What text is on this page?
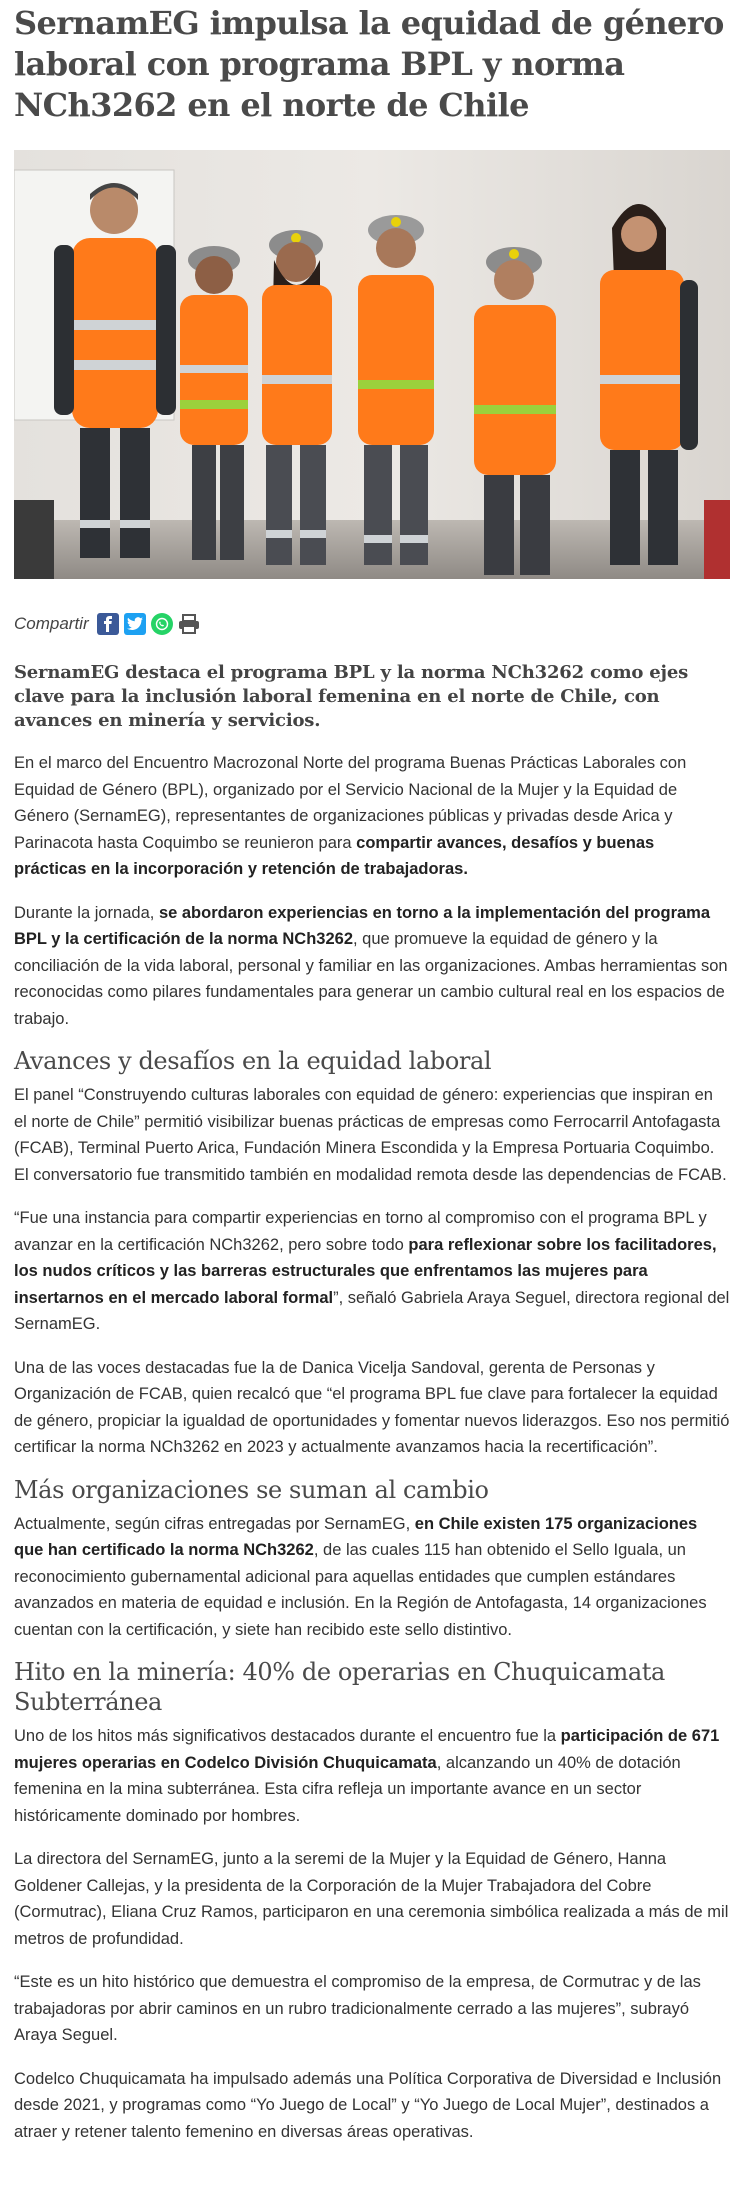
SernamEG impulsa la equidad de género laboral con programa BPL y norma NCh3262 en el norte de Chile
Compartir

SernamEG destaca el programa BPL y la norma NCh3262 como ejes clave para la inclusión laboral femenina en el norte de Chile, con avances en minería y servicios.

En el marco del Encuentro Macrozonal Norte del programa Buenas Prácticas Laborales con Equidad de Género (BPL), organizado por el Servicio Nacional de la Mujer y la Equidad de Género (SernamEG), representantes de organizaciones públicas y privadas desde Arica y Parinacota hasta Coquimbo se reunieron para compartir avances, desafíos y buenas prácticas en la incorporación y retención de trabajadoras.

Durante la jornada, se abordaron experiencias en torno a la implementación del programa BPL y la certificación de la norma NCh3262, que promueve la equidad de género y la conciliación de la vida laboral, personal y familiar en las organizaciones. Ambas herramientas son reconocidas como pilares fundamentales para generar un cambio cultural real en los espacios de trabajo.

Avances y desafíos en la equidad laboral

El panel “Construyendo culturas laborales con equidad de género: experiencias que inspiran en el norte de Chile” permitió visibilizar buenas prácticas de empresas como Ferrocarril Antofagasta (FCAB), Terminal Puerto Arica, Fundación Minera Escondida y la Empresa Portuaria Coquimbo. El conversatorio fue transmitido también en modalidad remota desde las dependencias de FCAB.

“Fue una instancia para compartir experiencias en torno al compromiso con el programa BPL y avanzar en la certificación NCh3262, pero sobre todo para reflexionar sobre los facilitadores, los nudos críticos y las barreras estructurales que enfrentamos las mujeres para insertarnos en el mercado laboral formal”, señaló Gabriela Araya Seguel, directora regional del SernamEG.

Una de las voces destacadas fue la de Danica Vicelja Sandoval, gerenta de Personas y Organización de FCAB, quien recalcó que “el programa BPL fue clave para fortalecer la equidad de género, propiciar la igualdad de oportunidades y fomentar nuevos liderazgos. Eso nos permitió certificar la norma NCh3262 en 2023 y actualmente avanzamos hacia la recertificación”.

Más organizaciones se suman al cambio

Actualmente, según cifras entregadas por SernamEG, en Chile existen 175 organizaciones que han certificado la norma NCh3262, de las cuales 115 han obtenido el Sello Iguala, un reconocimiento gubernamental adicional para aquellas entidades que cumplen estándares avanzados en materia de equidad e inclusión. En la Región de Antofagasta, 14 organizaciones cuentan con la certificación, y siete han recibido este sello distintivo.

Hito en la minería: 40% de operarias en Chuquicamata Subterránea

Uno de los hitos más significativos destacados durante el encuentro fue la participación de 671 mujeres operarias en Codelco División Chuquicamata, alcanzando un 40% de dotación femenina en la mina subterránea. Esta cifra refleja un importante avance en un sector históricamente dominado por hombres.

La directora del SernamEG, junto a la seremi de la Mujer y la Equidad de Género, Hanna Goldener Callejas, y la presidenta de la Corporación de la Mujer Trabajadora del Cobre (Cormutrac), Eliana Cruz Ramos, participaron en una ceremonia simbólica realizada a más de mil metros de profundidad.

“Este es un hito histórico que demuestra el compromiso de la empresa, de Cormutrac y de las trabajadoras por abrir caminos en un rubro tradicionalmente cerrado a las mujeres”, subrayó Araya Seguel.

Codelco Chuquicamata ha impulsado además una Política Corporativa de Diversidad e Inclusión desde 2021, y programas como “Yo Juego de Local” y “Yo Juego de Local Mujer”, destinados a atraer y retener talento femenino en diversas áreas operativas.
